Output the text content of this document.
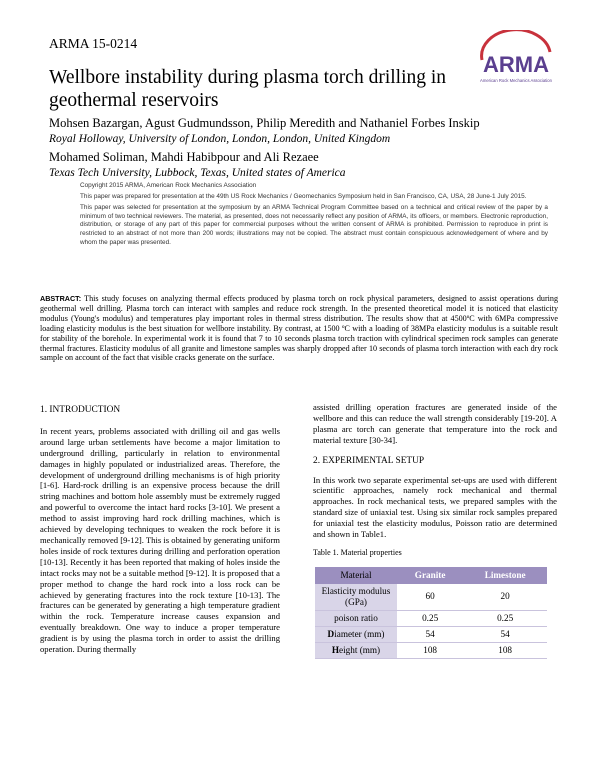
ARMA 15-0214
ARMA
American Rock Mechanics Association
Wellbore instability during plasma torch drilling in geothermal reservoirs
Mohsen Bazargan, Agust Gudmundsson, Philip Meredith and Nathaniel Forbes Inskip
Royal Holloway, University of London, London, London, United Kingdom
Mohamed Soliman, Mahdi Habibpour and Ali Rezaee
Texas Tech University, Lubbock, Texas, United states of America

Copyright 2015 ARMA, American Rock Mechanics Association

This paper was prepared for presentation at the 49th US Rock Mechanics / Geomechanics Symposium held in San Francisco, CA, USA, 28 June-1 July 2015.

This paper was selected for presentation at the symposium by an ARMA Technical Program Committee based on a technical and critical review of the paper by a minimum of two technical reviewers. The material, as presented, does not necessarily reflect any position of ARMA, its officers, or members. Electronic reproduction, distribution, or storage of any part of this paper for commercial purposes without the written consent of ARMA is prohibited. Permission to reproduce in print is restricted to an abstract of not more than 200 words; illustrations may not be copied. The abstract must contain conspicuous acknowledgement of where and by whom the paper was presented.

ABSTRACT: This study focuses on analyzing thermal effects produced by plasma torch on rock physical parameters, designed to assist operations during geothermal well drilling. Plasma torch can interact with samples and reduce rock strength. In the presented theoretical model it is noticed that elasticity modulus (Young's modulus) and temperatures play important roles in thermal stress distribution. The results show that at 4500ºC with 6MPa compressive loading elasticity modulus is the best situation for wellbore instability. By contrast, at 1500 ºC with a loading of 38MPa elasticity modulus is a suitable result for stability of the borehole. In experimental work it is found that 7 to 10 seconds plasma torch traction with cylindrical specimen rock samples can generate thermal fractures. Elasticity modulus of all granite and limestone samples was sharply dropped after 10 seconds of plasma torch interaction with each dry rock sample on account of the fact that visible cracks generate on the surface.
1. INTRODUCTION

In recent years, problems associated with drilling oil and gas wells around large urban settlements have become a major limitation to underground drilling, particularly in relation to environmental damages in highly populated or industrialized areas. Therefore, the development of underground drilling mechanisms is of high priority [1-6]. Hard-rock drilling is an expensive process because the drill string machines and bottom hole assembly must be extremely rugged and powerful to overcome the intact hard rocks [3-10]. We present a method to assist improving hard rock drilling machines, which is achieved by developing techniques to weaken the rock before it is mechanically removed [9-12]. This is obtained by generating uniform holes inside of rock textures during drilling and perforation operation [10-13]. Recently it has been reported that making of holes inside the intact rocks may not be a suitable method [9-12]. It is proposed that a proper method to change the hard rock into a loss rock can be achieved by generating fractures into the rock texture [10-13]. The fractures can be generated by generating a high temperature gradient within the rock. Temperature increase causes expansion and eventually breakdown. One way to induce a proper temperature gradient is by using the plasma torch in order to assist the drilling operation. During thermally

assisted drilling operation fractures are generated inside of the wellbore and this can reduce the wall strength considerably [19-20]. A plasma arc torch can generate that temperature into the rock and material texture [30-34].

2. EXPERIMENTAL SETUP

In this work two separate experimental set-ups are used with different scientific approaches, namely rock mechanical and thermal approaches. In rock mechanical tests, we prepared samples with the standard size of uniaxial test. Using six similar rock samples prepared for uniaxial test the elasticity modulus, Poisson ratio are determined and shown in Table1.

Table 1. Material properties
Material	Granite	Limestone
Elasticity modulus (GPa)	60	20
poison ratio	0.25	0.25
Diameter (mm)	54	54
Height (mm)	108	108
